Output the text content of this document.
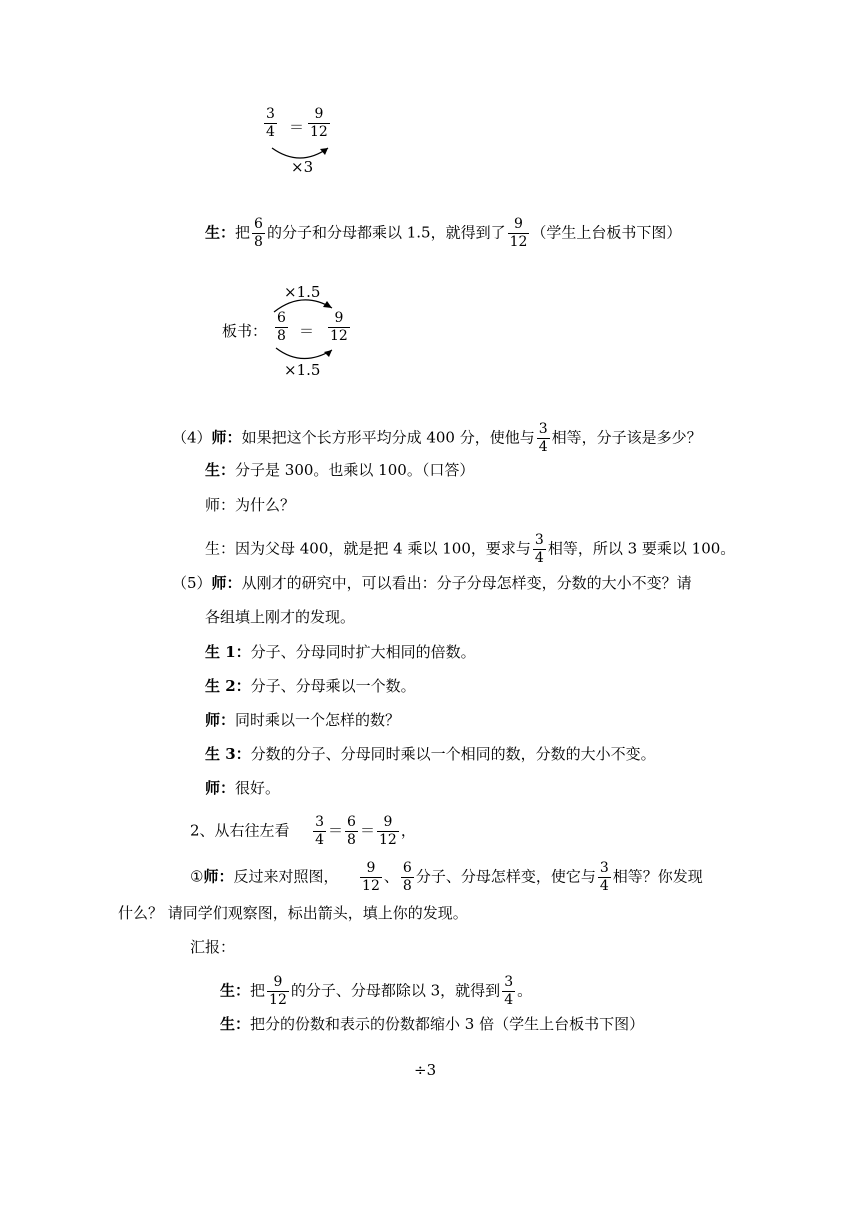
$\frac{3}{4} = \frac{9}{12}$
×3
生：把 $\frac{6}{8}$ 的分子和分母都乘以 1.5，就得到了 $\frac{9}{12}$ （学生上台板书下图）
×1.5
板书： $\frac{6}{8} = \frac{9}{12}$
×1.5
（4）师：如果把这个长方形平均分成 400 分，使他与 $\frac{3}{4}$ 相等，分子该是多少？
生：分子是 300。也乘以 100。（口答）
师：为什么？
生：因为父母 400，就是把 4 乘以 100，要求与 $\frac{3}{4}$ 相等，所以 3 要乘以 100。
（5）师：从刚才的研究中，可以看出：分子分母怎样变，分数的大小不变？请
各组填上刚才的发现。
生 1：分子、分母同时扩大相同的倍数。
生 2：分子、分母乘以一个数。
师：同时乘以一个怎样的数？
生 3：分数的分子、分母同时乘以一个相同的数，分数的大小不变。
师：很好。
2、从右往左看 $\frac{3}{4} = \frac{6}{8} = \frac{9}{12}$ ，
①师：反过来对照图， $\frac{9}{12}$ 、 $\frac{6}{8}$ 分子、分母怎样变，使它与 $\frac{3}{4}$ 相等？你发现
什么？ 请同学们观察图，标出箭头，填上你的发现。
汇报：
生：把 $\frac{9}{12}$ 的分子、分母都除以 3，就得到 $\frac{3}{4}$ 。
生：把分的份数和表示的份数都缩小 3 倍（学生上台板书下图）
÷3
